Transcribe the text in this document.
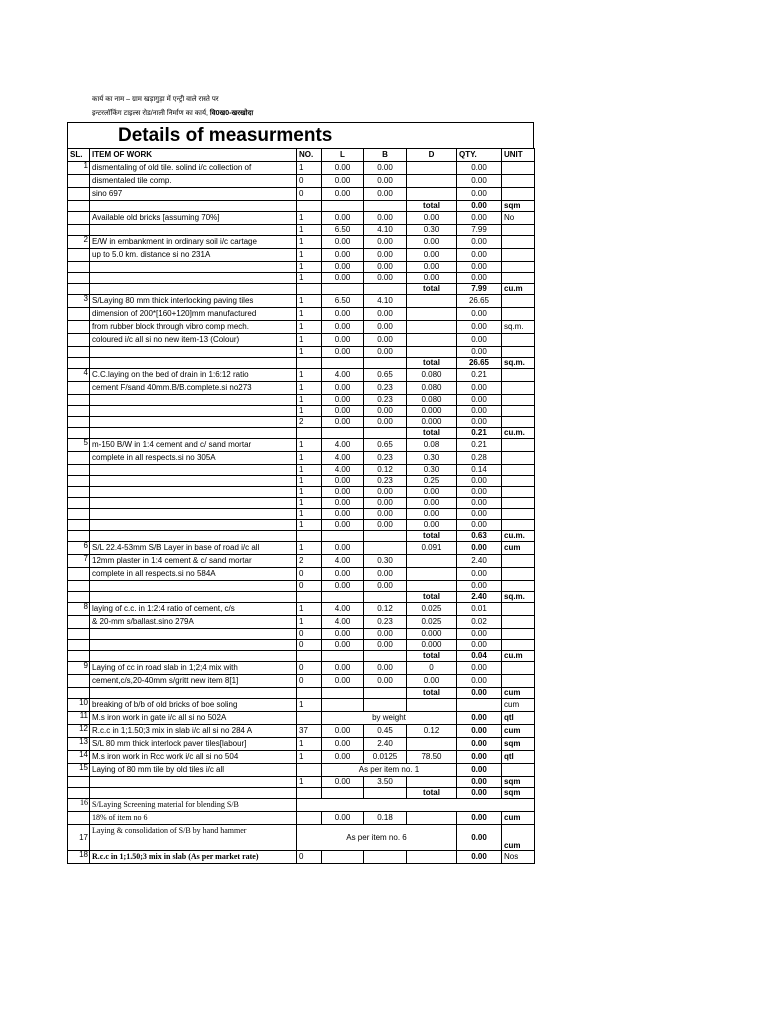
कार्य का नाम – ग्राम खड़ागुड़ा में एन्ट्री वाले रास्ते पर
इन्टरलॉकिंग टाइल्स रोड/नाली निर्माण का कार्य, वि0ख0-खरखोदा
Details of measurments
SL.	ITEM OF WORK	NO.	L	B	D	QTY.	UNIT
1	dismentaling of old tile. solind i/c collection of	1	0.00	0.00		0.00	
	dismentaled tile comp.	0	0.00	0.00		0.00	
	sino 697	0	0.00	0.00		0.00	
					total	0.00	sqm
	Available old bricks [assuming 70%]	1	0.00	0.00	0.00	0.00	No
		1	6.50	4.10	0.30	7.99	
2	E/W in embankment in ordinary soil i/c cartage	1	0.00	0.00	0.00	0.00	
	up to 5.0 km. distance si no 231A	1	0.00	0.00	0.00	0.00	
		1	0.00	0.00	0.00	0.00	
		1	0.00	0.00	0.00	0.00	
					total	7.99	cu.m
3	S/Laying 80 mm thick interlocking paving tiles	1	6.50	4.10		26.65	
	dimension of 200*[160+120]mm manufactured	1	0.00	0.00		0.00	
	from rubber block through vibro comp mech.	1	0.00	0.00		0.00	sq.m.
	coloured i/c all si no new item-13 (Colour)	1	0.00	0.00		0.00	
		1	0.00	0.00		0.00	
					total	26.65	sq.m.
4	C.C.laying on the bed of drain in 1:6:12 ratio	1	4.00	0.65	0.080	0.21	
	cement F/sand 40mm.B/B.complete.si no273	1	0.00	0.23	0.080	0.00	
		1	0.00	0.23	0.080	0.00	
		1	0.00	0.00	0.000	0.00	
		2	0.00	0.00	0.000	0.00	
					total	0.21	cu.m.
5	m-150 B/W in 1:4 cement and c/ sand mortar	1	4.00	0.65	0.08	0.21	
	complete in all respects.si no 305A	1	4.00	0.23	0.30	0.28	
		1	4.00	0.12	0.30	0.14	
		1	0.00	0.23	0.25	0.00	
		1	0.00	0.00	0.00	0.00	
		1	0.00	0.00	0.00	0.00	
		1	0.00	0.00	0.00	0.00	
		1	0.00	0.00	0.00	0.00	
					total	0.63	cu.m.
6	S/L 22.4-53mm S/B Layer in base of road i/c all	1	0.00		0.091	0.00	cum
7	12mm plaster in 1:4 cement & c/ sand mortar	2	4.00	0.30		2.40	
	complete in all respects.si no 584A	0	0.00	0.00		0.00	
		0	0.00	0.00		0.00	
					total	2.40	sq.m.
8	laying of c.c. in 1:2:4 ratio of cement, c/s	1	4.00	0.12	0.025	0.01	
	& 20-mm s/ballast.sino 279A	1	4.00	0.23	0.025	0.02	
		0	0.00	0.00	0.000	0.00	
		0	0.00	0.00	0.000	0.00	
					total	0.04	cu.m
9	Laying of cc in road slab in 1;2;4 mix with	0	0.00	0.00	0	0.00	
	cement,c/s,20-40mm s/gritt new item 8[1]	0	0.00	0.00	0.00	0.00	
					total	0.00	cum
10	breaking of b/b of old bricks of boe soling	1					cum
11	M.s iron work in gate i/c all si no 502A		by weight			0.00	qtl
12	R.c.c in 1;1.50;3 mix in slab i/c all si no 284 A	37	0.00	0.45	0.12	0.00	cum
13	S/L 80 mm thick interlock paver tiles[labour]	1	0.00	2.40		0.00	sqm
14	M.s iron work in Rcc work i/c all si no 504	1	0.00	0.0125	78.50	0.00	qtl
15	Laying of 80 mm tile by old tiles i/c all		As per item no. 1			0.00	
		1	0.00	3.50		0.00	sqm
					total	0.00	sqm
16	S/Laying Screening material for blending S/B						
	18% of item no 6		0.00	0.18		0.00	cum
17	Laying & consolidation of S/B by hand hammer	As per item no. 6				0.00	cum
18	R.c.c in 1;1.50;3 mix in slab (As per market rate)	0				0.00	Nos
